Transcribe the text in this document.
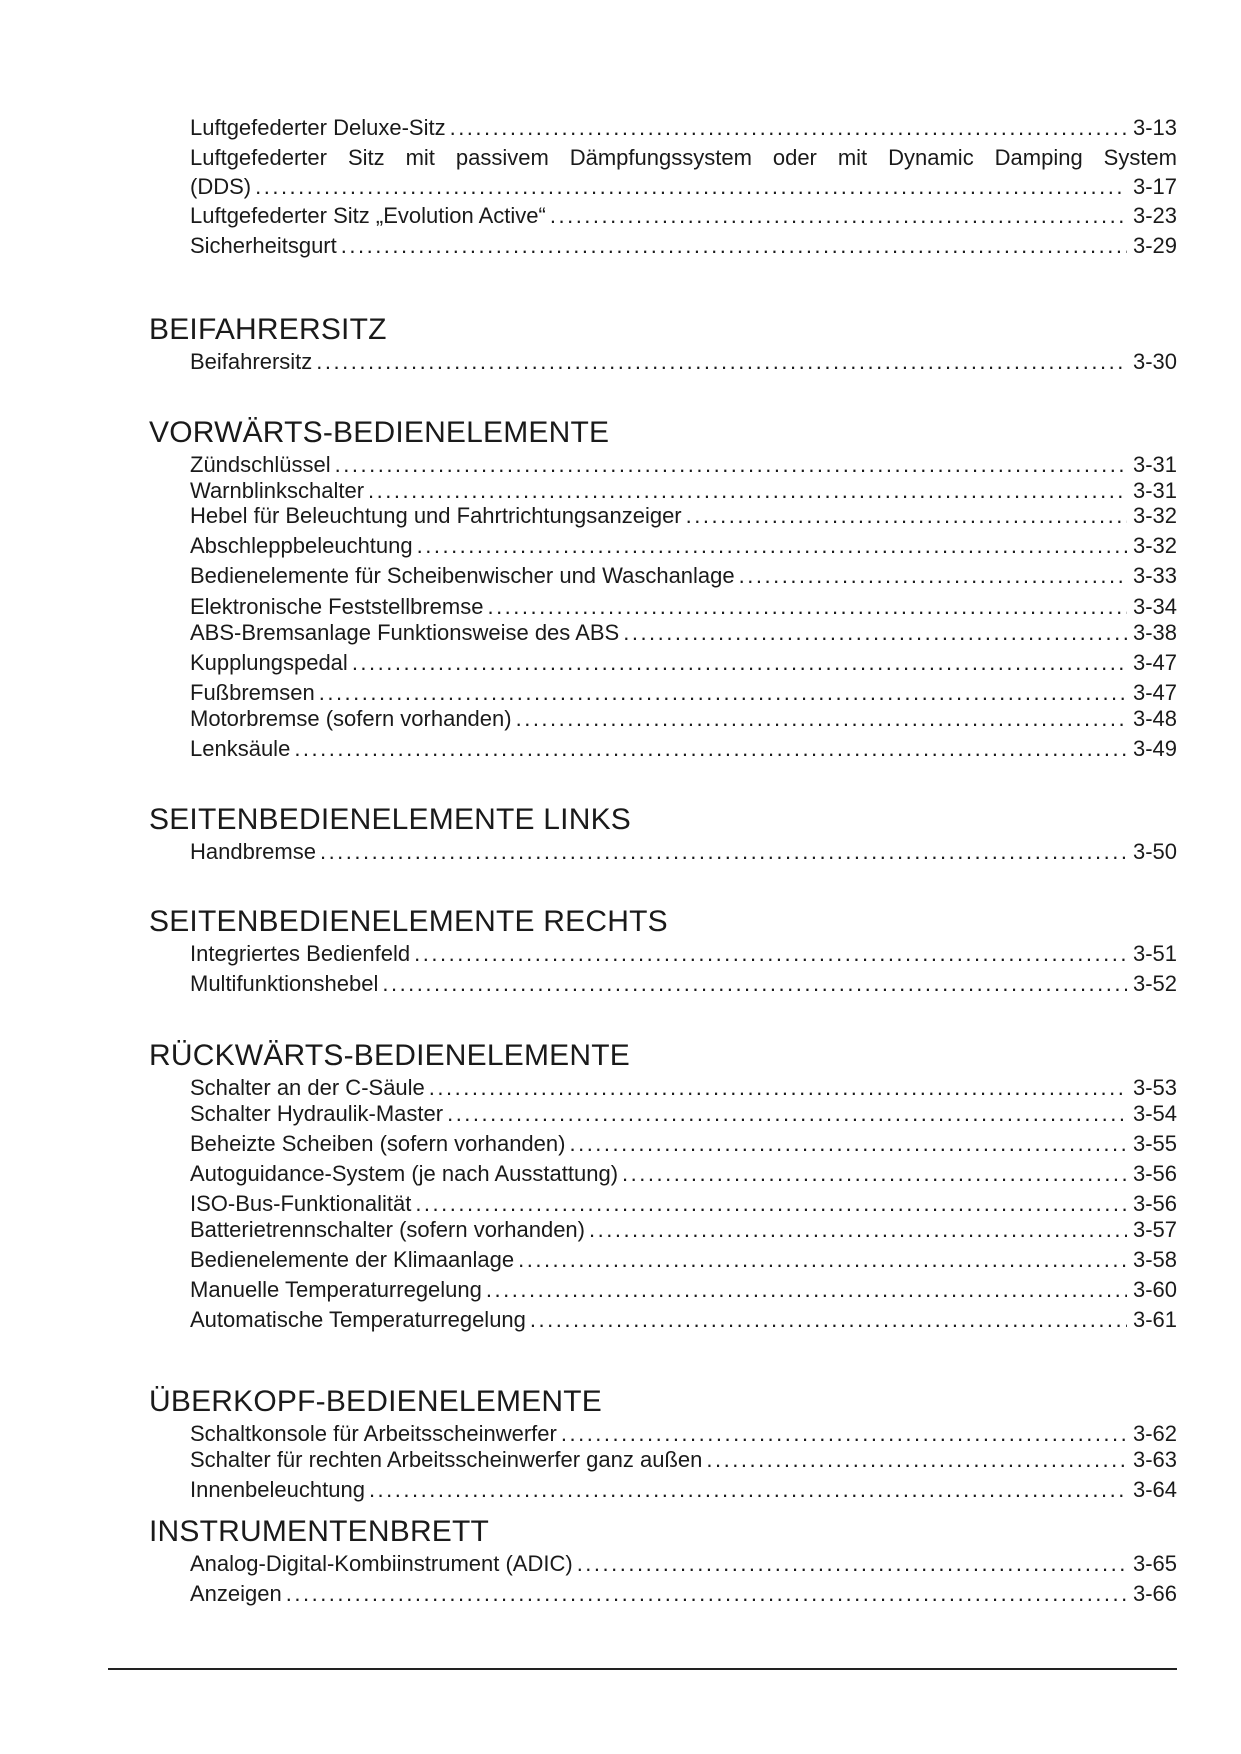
Luftgefederter Deluxe-Sitz .....	3-13
Luftgefederter Sitz mit passivem Dämpfungssystem oder mit Dynamic Damping System
(DDS) .....	3-17
Luftgefederter Sitz „Evolution Active“ .....	3-23
Sicherheitsgurt .....	3-29
BEIFAHRERSITZ
Beifahrersitz .....	3-30
VORWÄRTS-BEDIENELEMENTE
Zündschlüssel .....	3-31
Warnblinkschalter .....	3-31
Hebel für Beleuchtung und Fahrtrichtungsanzeiger .....	3-32
Abschleppbeleuchtung .....	3-32
Bedienelemente für Scheibenwischer und Waschanlage .....	3-33
Elektronische Feststellbremse .....	3-34
ABS-Bremsanlage Funktionsweise des ABS .....	3-38
Kupplungspedal .....	3-47
Fußbremsen .....	3-47
Motorbremse (sofern vorhanden) .....	3-48
Lenksäule .....	3-49
SEITENBEDIENELEMENTE LINKS
Handbremse .....	3-50
SEITENBEDIENELEMENTE RECHTS
Integriertes Bedienfeld .....	3-51
Multifunktionshebel .....	3-52
RÜCKWÄRTS-BEDIENELEMENTE
Schalter an der C-Säule .....	3-53
Schalter Hydraulik-Master .....	3-54
Beheizte Scheiben (sofern vorhanden) .....	3-55
Autoguidance-System (je nach Ausstattung) .....	3-56
ISO-Bus-Funktionalität .....	3-56
Batterietrennschalter (sofern vorhanden) .....	3-57
Bedienelemente der Klimaanlage .....	3-58
Manuelle Temperaturregelung .....	3-60
Automatische Temperaturregelung .....	3-61
ÜBERKOPF-BEDIENELEMENTE
Schaltkonsole für Arbeitsscheinwerfer .....	3-62
Schalter für rechten Arbeitsscheinwerfer ganz außen .....	3-63
Innenbeleuchtung .....	3-64
INSTRUMENTENBRETT
Analog-Digital-Kombiinstrument (ADIC) .....	3-65
Anzeigen .....	3-66
